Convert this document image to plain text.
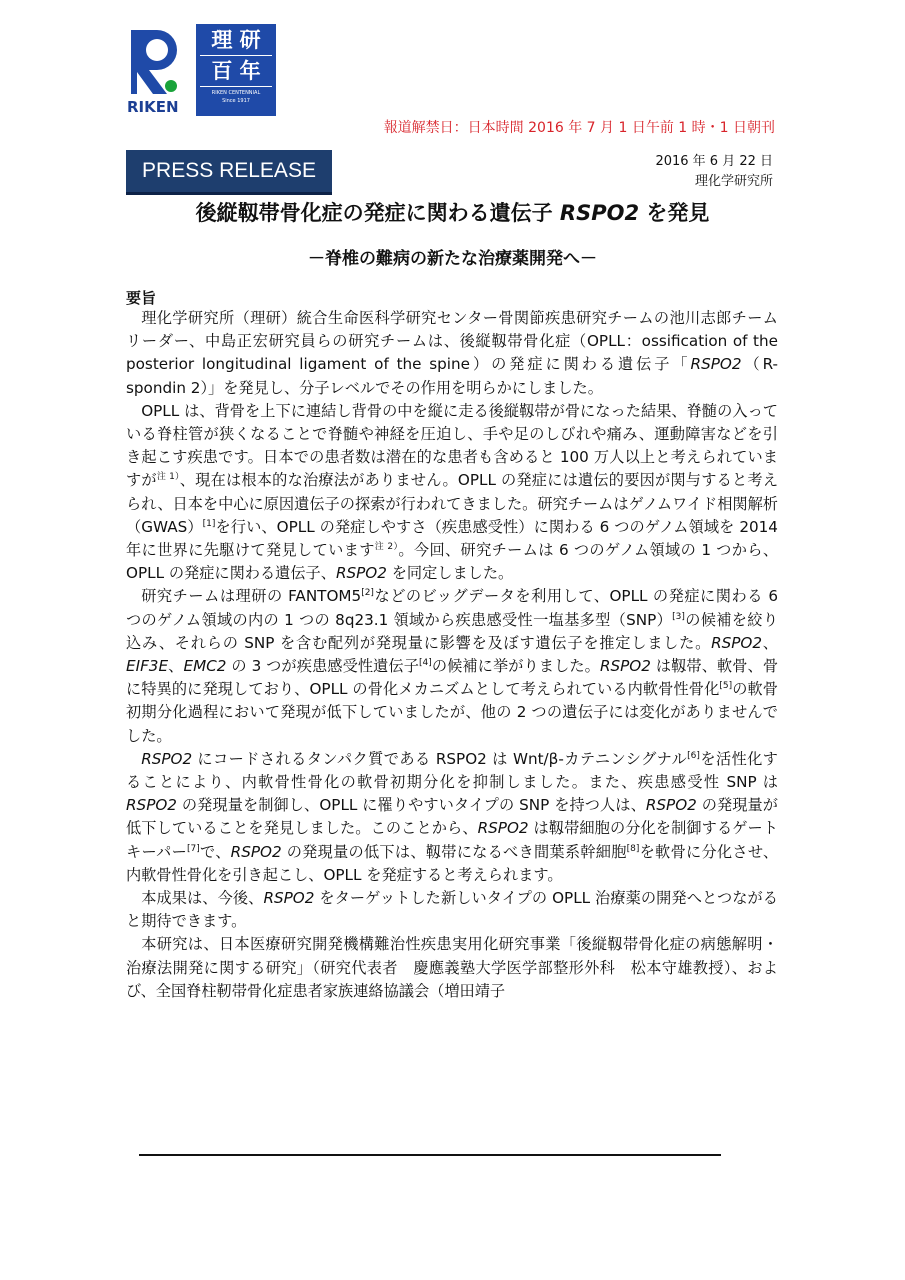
RIKEN
理 研
百 年
RIKEN CENTENNIAL
Since 1917
報道解禁日：日本時間 2016 年 7 月 1 日午前 1 時・1 日朝刊
PRESS RELEASE	2016 年 6 月 22 日
理化学研究所
後縦靱帯骨化症の発症に関わる遺伝子 RSPO2 を発見
－脊椎の難病の新たな治療薬開発へ－
要旨

理化学研究所（理研）統合生命医科学研究センター骨関節疾患研究チームの池川志郎チームリーダー、中島正宏研究員らの研究チームは、後縦靱帯骨化症（OPLL：ossification of the posterior longitudinal ligament of the spine）の発症に関わる遺伝子「RSPO2（R-spondin 2）」を発見し、分子レベルでその作用を明らかにしました。

OPLL は、背骨を上下に連結し背骨の中を縦に走る後縦靱帯が骨になった結果、脊髄の入っている脊柱管が狭くなることで脊髄や神経を圧迫し、手や足のしびれや痛み、運動障害などを引き起こす疾患です。日本での患者数は潜在的な患者も含めると 100 万人以上と考えられていますが$^{注 1)}$、現在は根本的な治療法がありません。OPLL の発症には遺伝的要因が関与すると考えられ、日本を中心に原因遺伝子の探索が行われてきました。研究チームはゲノムワイド相関解析（GWAS）[1]を行い、OPLL の発症しやすさ（疾患感受性）に関わる 6 つのゲノム領域を 2014 年に世界に先駆けて発見しています$^{注 2)}$。今回、研究チームは 6 つのゲノム領域の 1 つから、OPLL の発症に関わる遺伝子、RSPO2 を同定しました。

研究チームは理研の FANTOM5[2]などのビッグデータを利用して、OPLL の発症に関わる 6 つのゲノム領域の内の 1 つの 8q23.1 領域から疾患感受性一塩基多型（SNP）[3]の候補を絞り込み、それらの SNP を含む配列が発現量に影響を及ぼす遺伝子を推定しました。RSPO2、EIF3E、EMC2 の 3 つが疾患感受性遺伝子[4]の候補に挙がりました。RSPO2 は靱帯、軟骨、骨に特異的に発現しており、OPLL の骨化メカニズムとして考えられている内軟骨性骨化[5]の軟骨初期分化過程において発現が低下していましたが、他の 2 つの遺伝子には変化がありませんでした。

RSPO2 にコードされるタンパク質である RSPO2 は Wnt/β-カテニンシグナル[6]を活性化することにより、内軟骨性骨化の軟骨初期分化を抑制しました。また、疾患感受性 SNP は RSPO2 の発現量を制御し、OPLL に罹りやすいタイプの SNP を持つ人は、RSPO2 の発現量が低下していることを発見しました。このことから、RSPO2 は靱帯細胞の分化を制御するゲートキーパー[7]で、RSPO2 の発現量の低下は、靱帯になるべき間葉系幹細胞[8]を軟骨に分化させ、内軟骨性骨化を引き起こし、OPLL を発症すると考えられます。

本成果は、今後、RSPO2 をターゲットした新しいタイプの OPLL 治療薬の開発へとつながると期待できます。

本研究は、日本医療研究開発機構難治性疾患実用化研究事業「後縦靱帯骨化症の病態解明・治療法開発に関する研究」（研究代表者　慶應義塾大学医学部整形外科　松本守雄教授）、および、全国脊柱靭帯骨化症患者家族連絡協議会（増田靖子
